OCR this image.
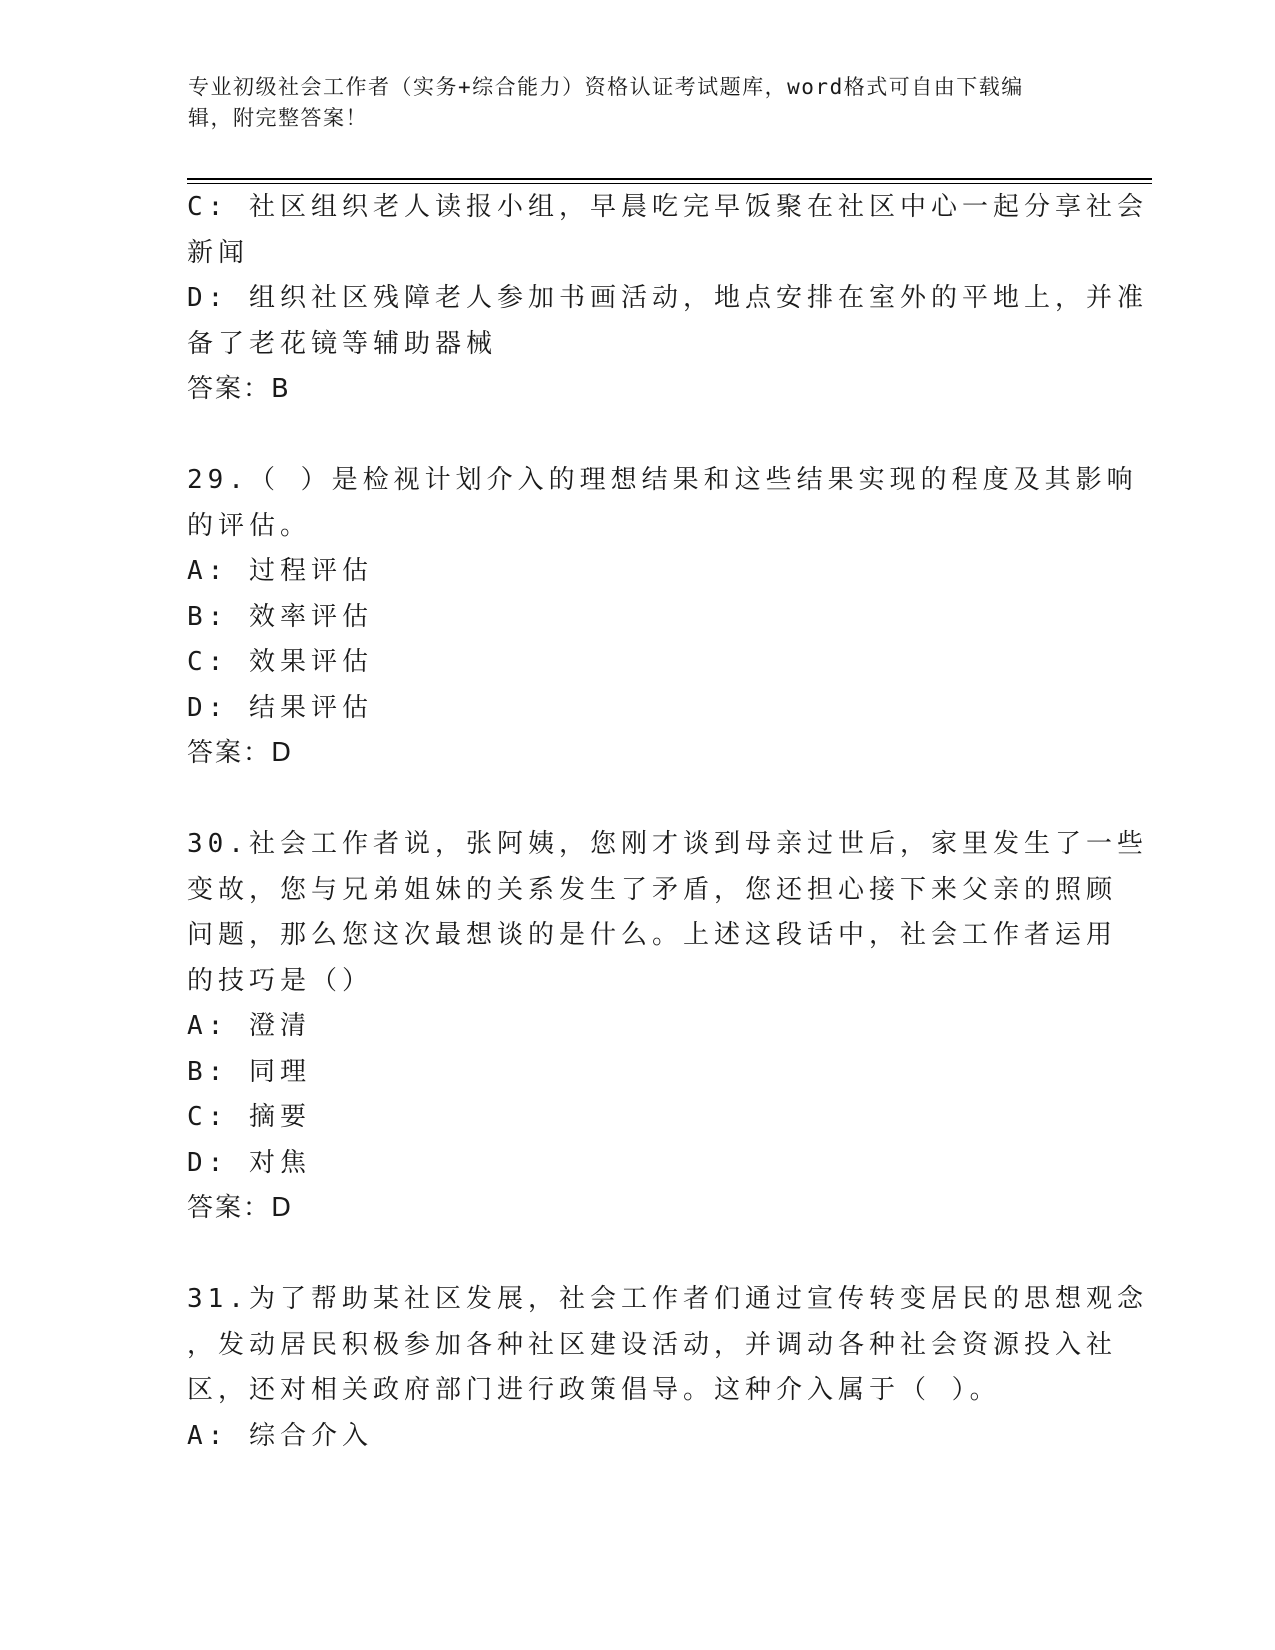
专业初级社会工作者（实务+综合能力）资格认证考试题库，word格式可自由下载编辑，附完整答案！
C: 社区组织老人读报小组，早晨吃完早饭聚在社区中心一起分享社会
新闻
D: 组织社区残障老人参加书画活动，地点安排在室外的平地上，并准
备了老花镜等辅助器械
答案：B
29.（ ）是检视计划介入的理想结果和这些结果实现的程度及其影响
的评估。
A: 过程评估
B: 效率评估
C: 效果评估
D: 结果评估
答案：D
30.社会工作者说，张阿姨，您刚才谈到母亲过世后，家里发生了一些
变故，您与兄弟姐妹的关系发生了矛盾，您还担心接下来父亲的照顾
问题，那么您这次最想谈的是什么。上述这段话中，社会工作者运用
的技巧是（）
A: 澄清
B: 同理
C: 摘要
D: 对焦
答案：D
31.为了帮助某社区发展，社会工作者们通过宣传转变居民的思想观念
，发动居民积极参加各种社区建设活动，并调动各种社会资源投入社
区，还对相关政府部门进行政策倡导。这种介入属于（ ）。
A: 综合介入
